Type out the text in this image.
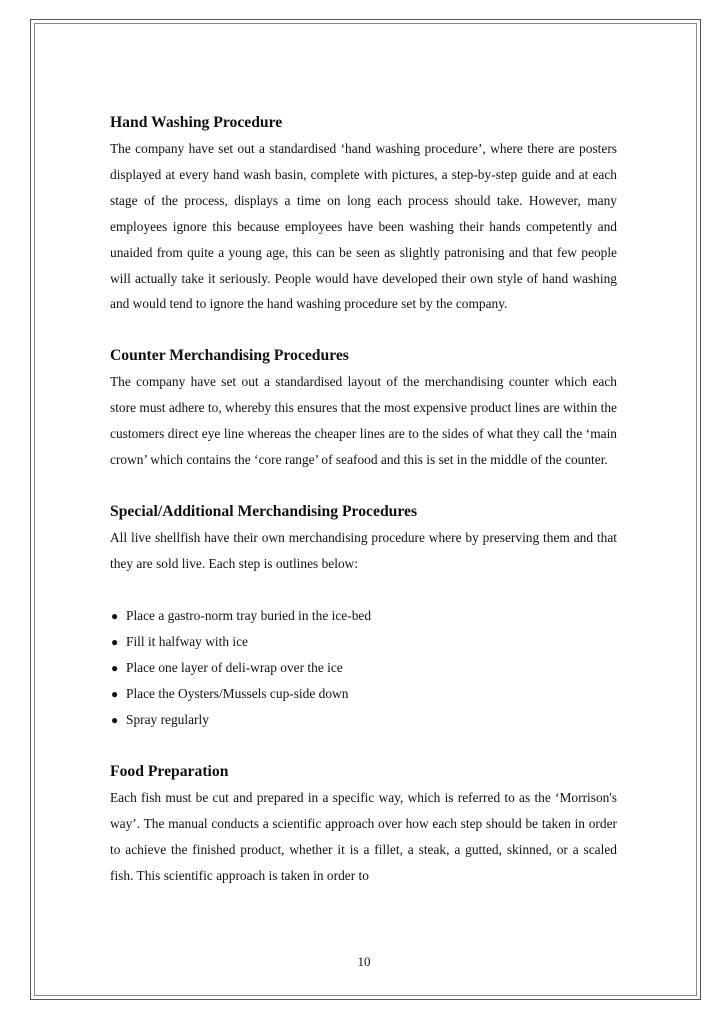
Hand Washing Procedure

The company have set out a standardised ‘hand washing procedure’, where there are posters displayed at every hand wash basin, complete with pictures, a step-by-step guide and at each stage of the process, displays a time on long each process should take. However, many employees ignore this because employees have been washing their hands competently and unaided from quite a young age, this can be seen as slightly patronising and that few people will actually take it seriously. People would have developed their own style of hand washing and would tend to ignore the hand washing procedure set by the company.

Counter Merchandising Procedures

The company have set out a standardised layout of the merchandising counter which each store must adhere to, whereby this ensures that the most expensive product lines are within the customers direct eye line whereas the cheaper lines are to the sides of what they call the ‘main crown’ which contains the ‘core range’ of seafood and this is set in the middle of the counter.

Special/Additional Merchandising Procedures

All live shellfish have their own merchandising procedure where by preserving them and that they are sold live. Each step is outlines below:

● Place a gastro-norm tray buried in the ice-bed
● Fill it halfway with ice
● Place one layer of deli-wrap over the ice
● Place the Oysters/Mussels cup-side down
● Spray regularly
Food Preparation

Each fish must be cut and prepared in a specific way, which is referred to as the ‘Morrison's way’. The manual conducts a scientific approach over how each step should be taken in order to achieve the finished product, whether it is a fillet, a steak, a gutted, skinned, or a scaled fish. This scientific approach is taken in order to

10
